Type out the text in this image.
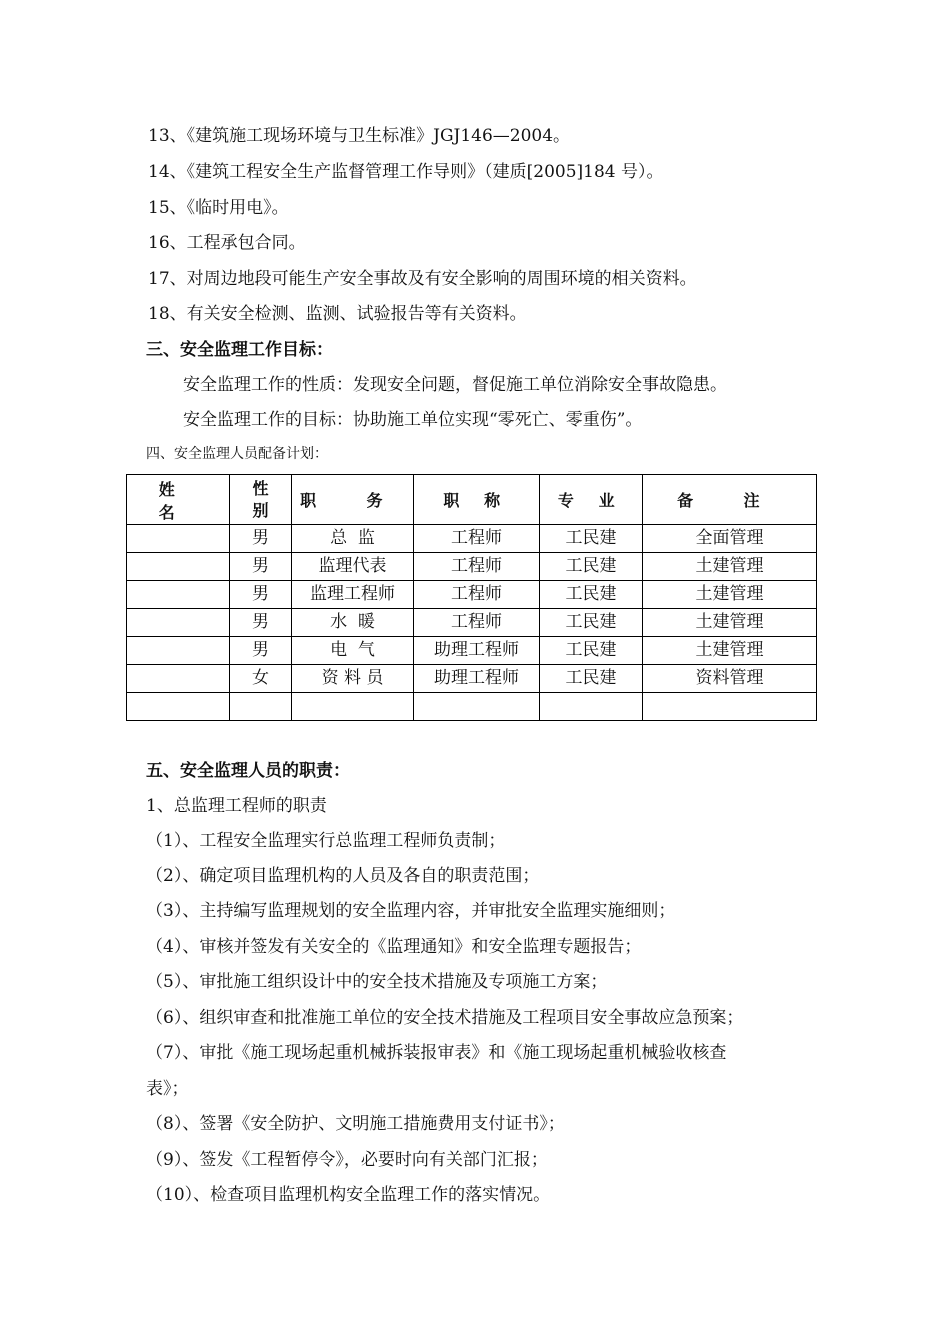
13、《建筑施工现场环境与卫生标准》JGJ146—2004。
14、《建筑工程安全生产监督管理工作导则》（建质[2005]184 号）。
15、《临时用电》。
16、工程承包合同。
17、对周边地段可能生产安全事故及有安全影响的周围环境的相关资料。
18、有关安全检测、监测、试验报告等有关资料。
三、安全监理工作目标：
安全监理工作的性质：发现安全问题，督促施工单位消除安全事故隐患。
安全监理工作的目标：协助施工单位实现“零死亡、零重伤”。
四、安全监理人员配备计划：
姓 名	性别	职 务	职 称	专 业	备 注
	男	总  监	工程师	工民建	全面管理
	男	监理代表	工程师	工民建	土建管理
	男	监理工程师	工程师	工民建	土建管理
	男	水  暖	工程师	工民建	土建管理
	男	电  气	助理工程师	工民建	土建管理
	女	资 料 员	助理工程师	工民建	资料管理

五、安全监理人员的职责：
1、总监理工程师的职责
（1）、工程安全监理实行总监理工程师负责制；
（2）、确定项目监理机构的人员及各自的职责范围；
（3）、主持编写监理规划的安全监理内容，并审批安全监理实施细则；
（4）、审核并签发有关安全的《监理通知》和安全监理专题报告；
（5）、审批施工组织设计中的安全技术措施及专项施工方案；
（6）、组织审查和批准施工单位的安全技术措施及工程项目安全事故应急预案；
（7）、审批《施工现场起重机械拆装报审表》和《施工现场起重机械验收核查
表》；
（8）、签署《安全防护、文明施工措施费用支付证书》；
（9）、签发《工程暂停令》，必要时向有关部门汇报；
（10）、检查项目监理机构安全监理工作的落实情况。
